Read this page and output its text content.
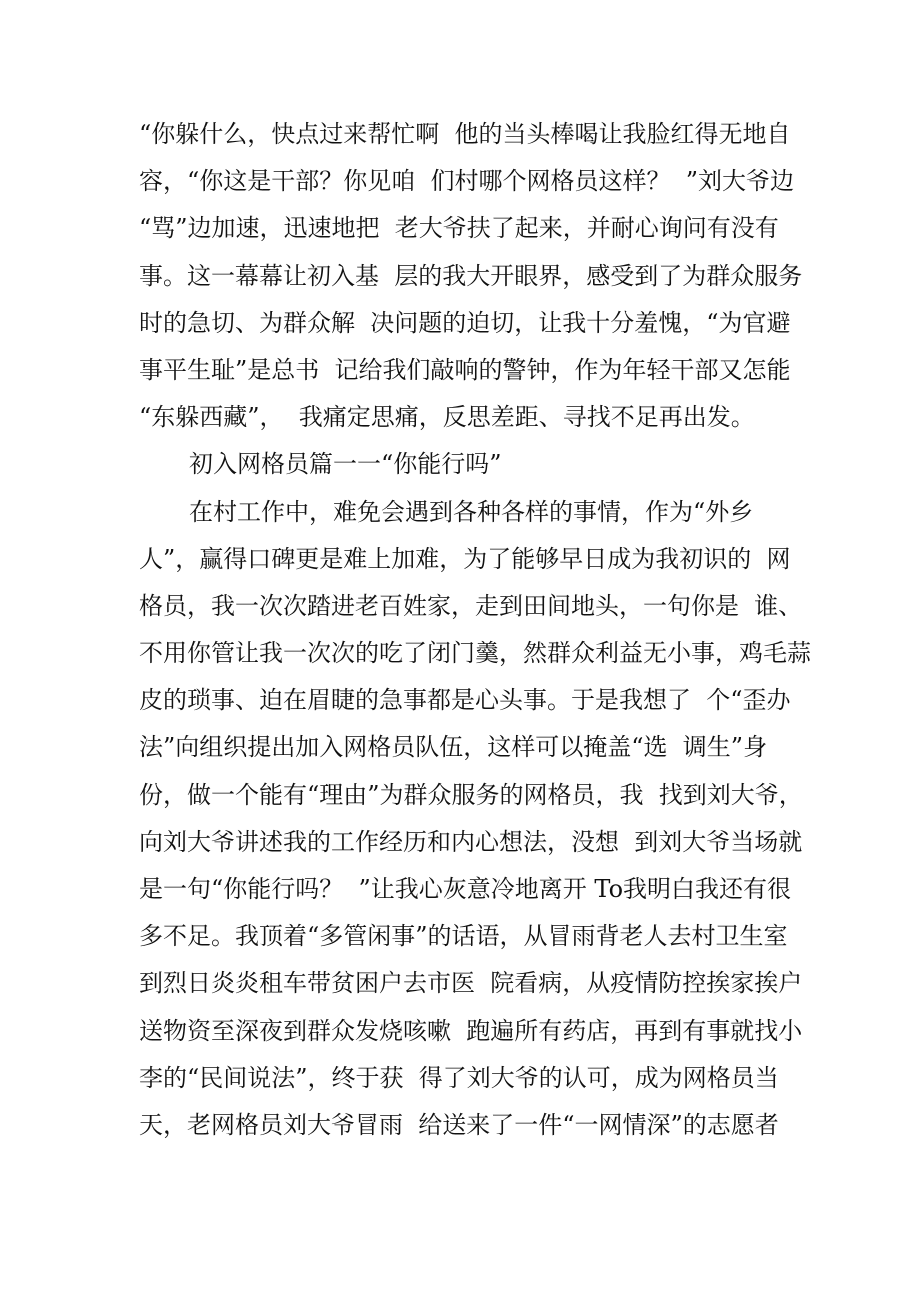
“你躲什么，快点过来帮忙啊  他的当头棒喝让我脸红得无地自
容，“你这是干部？你见咱  们村哪个网格员这样？  ”刘大爷边
“骂”边加速，迅速地把  老大爷扶了起来，并耐心询问有没有
事。这一幕幕让初入基  层的我大开眼界，感受到了为群众服务
时的急切、为群众解  决问题的迫切，让我十分羞愧，“为官避
事平生耻”是总书  记给我们敲响的警钟，作为年轻干部又怎能
“东躲西藏”，  我痛定思痛，反思差距、寻找不足再出发。
初入网格员篇一一“你能行吗”
在村工作中，难免会遇到各种各样的事情，作为“外乡
人”，赢得口碑更是难上加难，为了能够早日成为我初识的  网
格员，我一次次踏进老百姓家，走到田间地头，一句你是  谁、
不用你管让我一次次的吃了闭门羹，然群众利益无小事，鸡毛蒜
皮的琐事、迫在眉睫的急事都是心头事。于是我想了  个“歪办
法”向组织提出加入网格员队伍，这样可以掩盖“选  调生”身
份，做一个能有“理由”为群众服务的网格员，我  找到刘大爷，
向刘大爷讲述我的工作经历和内心想法，没想  到刘大爷当场就
是一句“你能行吗？  ”让我心灰意冷地离开 To我明白我还有很
多不足。我顶着“多管闲事”的话语，从冒雨背老人去村卫生室
到烈日炎炎租车带贫困户去市医  院看病，从疫情防控挨家挨户
送物资至深夜到群众发烧咳嗽  跑遍所有药店，再到有事就找小
李的“民间说法”，终于获  得了刘大爷的认可，成为网格员当
天，老网格员刘大爷冒雨  给送来了一件“一网情深”的志愿者
